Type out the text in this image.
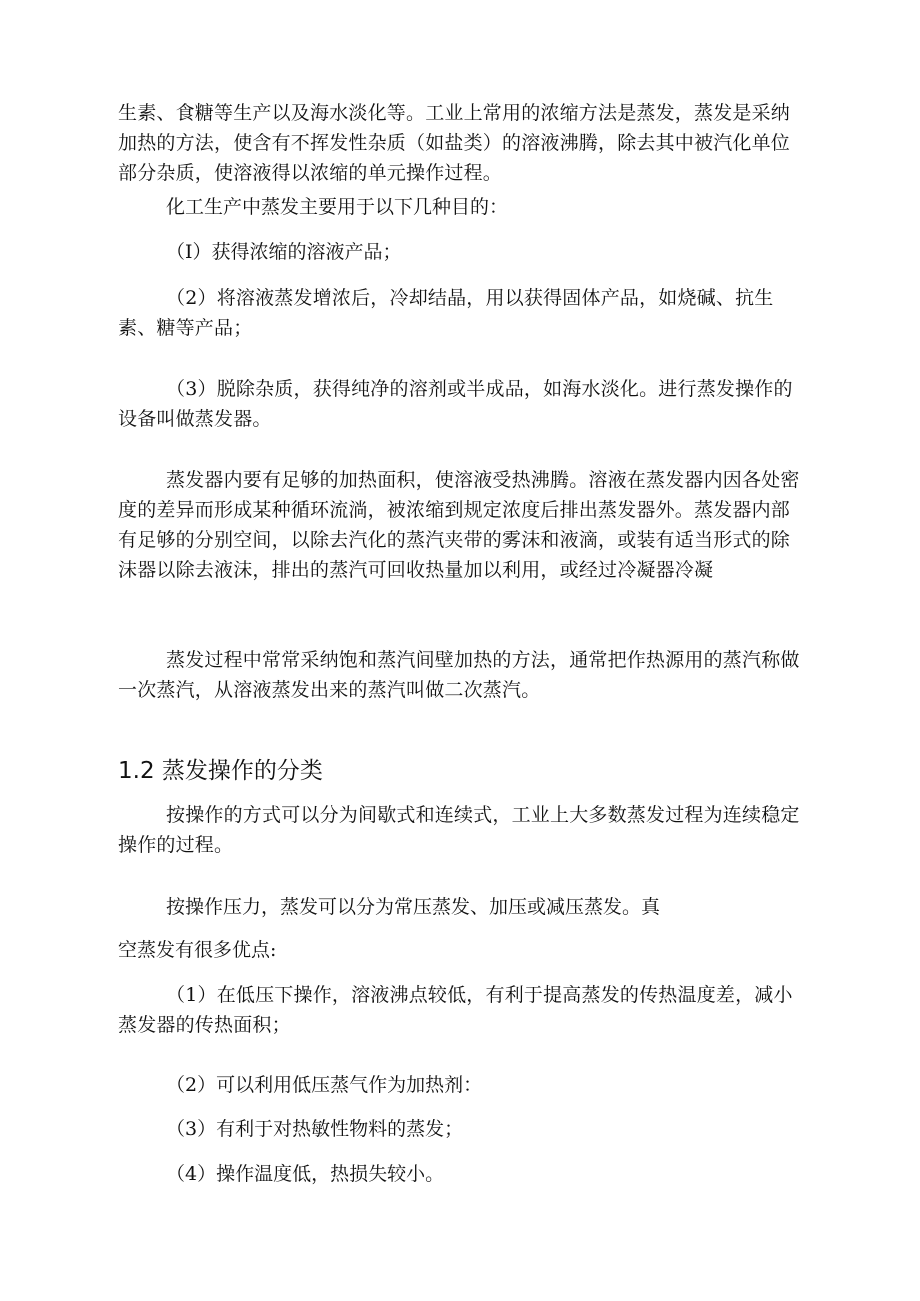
生素、食糖等生产以及海水淡化等。工业上常用的浓缩方法是蒸发，蒸发是采纳加热的方法，使含有不挥发性杂质（如盐类）的溶液沸腾，除去其中被汽化单位部分杂质，使溶液得以浓缩的单元操作过程。

化工生产中蒸发主要用于以下几种目的：

（I）获得浓缩的溶液产品；

（2）将溶液蒸发增浓后，冷却结晶，用以获得固体产品，如烧碱、抗生素、糖等产品；

（3）脱除杂质，获得纯净的溶剂或半成品，如海水淡化。进行蒸发操作的设备叫做蒸发器。

蒸发器内要有足够的加热面积，使溶液受热沸腾。溶液在蒸发器内因各处密度的差异而形成某种循环流淌，被浓缩到规定浓度后排出蒸发器外。蒸发器内部有足够的分别空间，以除去汽化的蒸汽夹带的雾沫和液滴，或装有适当形式的除沫器以除去液沫，排出的蒸汽可回收热量加以利用，或经过冷凝器冷凝

蒸发过程中常常采纳饱和蒸汽间壁加热的方法，通常把作热源用的蒸汽称做一次蒸汽，从溶液蒸发出来的蒸汽叫做二次蒸汽。

1.2 蒸发操作的分类

按操作的方式可以分为间歇式和连续式，工业上大多数蒸发过程为连续稳定操作的过程。

按操作压力，蒸发可以分为常压蒸发、加压或减压蒸发。真

空蒸发有很多优点:

（1）在低压下操作，溶液沸点较低，有利于提高蒸发的传热温度差，减小蒸发器的传热面积；

（2）可以利用低压蒸气作为加热剂：

（3）有利于对热敏性物料的蒸发；

（4）操作温度低，热损失较小。
